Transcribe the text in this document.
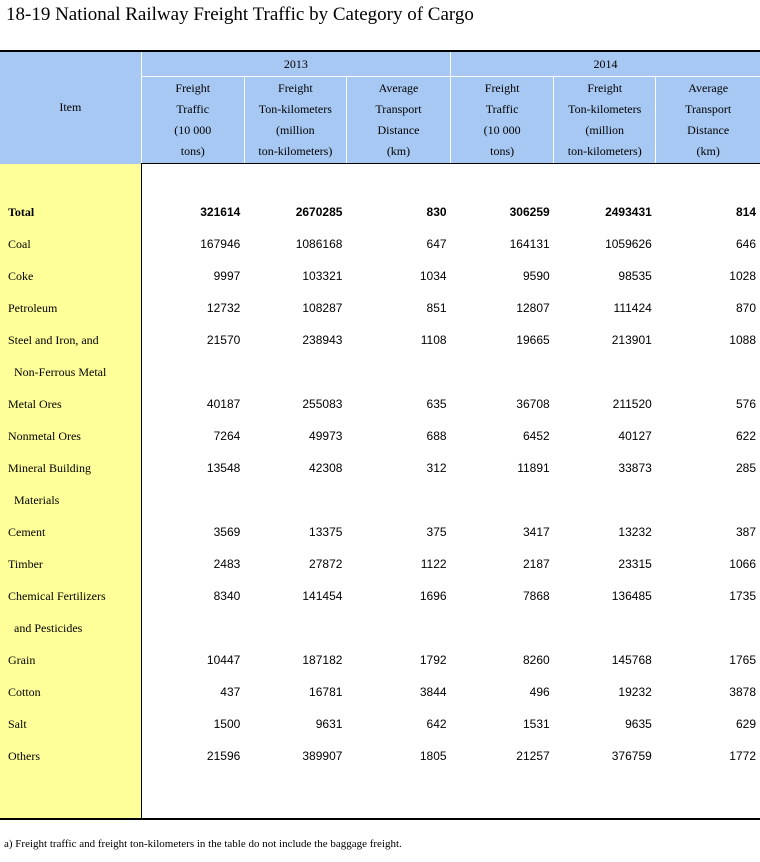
18-19 National Railway Freight Traffic by Category of Cargo
Item	2013			2014		
	Freight
Traffic
(10 000
tons)	Freight
Ton-kilometers
(million
ton-kilometers)	Average
Transport
Distance
(km)	Freight
Traffic
(10 000
tons)	Freight
Ton-kilometers
(million
ton-kilometers)	Average
Transport
Distance
(km)

Total	321614	2670285	830	306259	2493431	814
Coal	167946	1086168	647	164131	1059626	646
Coke	9997	103321	1034	9590	98535	1028
Petroleum	12732	108287	851	12807	111424	870
Steel and Iron, and	21570	238943	1108	19665	213901	1088
Non-Ferrous Metal						
Metal Ores	40187	255083	635	36708	211520	576
Nonmetal Ores	7264	49973	688	6452	40127	622
Mineral Building	13548	42308	312	11891	33873	285
Materials						
Cement	3569	13375	375	3417	13232	387
Timber	2483	27872	1122	2187	23315	1066
Chemical Fertilizers	8340	141454	1696	7868	136485	1735
and Pesticides						
Grain	10447	187182	1792	8260	145768	1765
Cotton	437	16781	3844	496	19232	3878
Salt	1500	9631	642	1531	9635	629
Others	21596	389907	1805	21257	376759	1772

a) Freight traffic and freight ton-kilometers in the table do not include the baggage freight.
